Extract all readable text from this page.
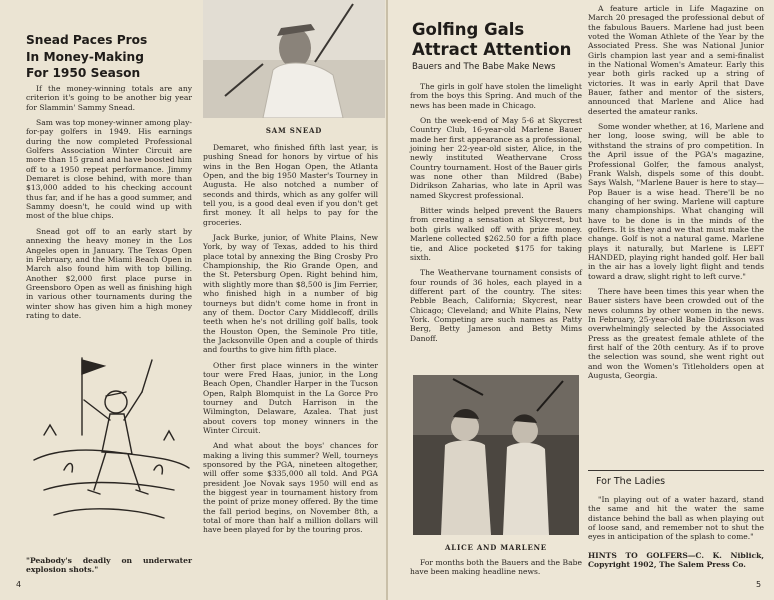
Snead Paces Pros
In Money-Making
For 1950 Season

If the money-winning totals are any criterion it's going to be another big year for Slammin' Sammy Snead.

Sam was top money-winner among play-for-pay golfers in 1949. His earnings during the now completed Professional Golfers Association Winter Circuit are more than 15 grand and have boosted him off to a 1950 repeat performance. Jimmy Demaret is close behind, with more than $13,000 added to his checking account thus far, and if he has a good summer, and Sammy doesn't, he could wind up with most of the blue chips.

Snead got off to an early start by annexing the heavy money in the Los Angeles open in January. The Texas Open in February, and the Miami Beach Open in March also found him with top billing. Another $2,000 first place purse in Greensboro Open as well as finishing high in various other tournaments during the winter show has given him a high money rating to date.

"Peabody's deadly on underwater explosion shots."
SAM SNEAD

Demaret, who finished fifth last year, is pushing Snead for honors by virtue of his wins in the Ben Hogan Open, the Atlanta Open, and the big 1950 Master's Tourney in Augusta. He also notched a number of seconds and thirds, which as any golfer will tell you, is a good deal even if you don't get first money. It all helps to pay for the groceries.

Jack Burke, junior, of White Plains, New York, by way of Texas, added to his third place total by annexing the Bing Crosby Pro Championship, the Rio Grande Open, and the St. Petersburg Open. Right behind him, with slightly more than $8,500 is Jim Ferrier, who finished high in a number of big tourneys but didn't come home in front in any of them. Doctor Cary Middlecoff, drills teeth when he's not drilling golf balls, took the Houston Open, the Seminole Pro title, the Jacksonville Open and a couple of thirds and fourths to give him fifth place.

Other first place winners in the winter tour were Fred Haas, junior, in the Long Beach Open, Chandler Harper in the Tucson Open, Ralph Blomquist in the La Gorce Pro tourney and Dutch Harrison in the Wilmington, Delaware, Azalea. That just about covers top money winners in the Winter Circuit.

And what about the boys' chances for making a living this summer? Well, tourneys sponsored by the PGA, nineteen altogether, will offer some $335,000 all told. And PGA president Joe Novak says 1950 will end as the biggest year in tournament history from the point of prize money offered. By the time the fall period begins, on November 8th, a total of more than half a million dollars will have been played for by the touring pros.

4
Golfing Gals
Attract Attention
Bauers and The Babe Make News

The girls in golf have stolen the limelight from the boys this Spring. And much of the news has been made in Chicago.

On the week-end of May 5-6 at Skycrest Country Club, 16-year-old Marlene Bauer made her first appearance as a professional, joining her 22-year-old sister, Alice, in the newly instituted Weathervane Cross Country tournament. Host of the Bauer girls was none other than Mildred (Babe) Didrikson Zaharias, who late in April was named Skycrest professional.

Bitter winds helped prevent the Bauers from creating a sensation at Skycrest, but both girls walked off with prize money. Marlene collected $262.50 for a fifth place tie, and Alice pocketed $175 for taking sixth.

The Weathervane tournament consists of four rounds of 36 holes, each played in a different part of the country. The sites: Pebble Beach, California; Skycrest, near Chicago; Cleveland; and White Plains, New York. Competing are such names as Patty Berg, Betty Jameson and Betty Mims Danoff.

ALICE AND MARLENE
For months both the Bauers and the Babe have been making headline news.

A feature article in Life Magazine on March 20 presaged the professional debut of the fabulous Bauers. Marlene had just been voted the Woman Athlete of the Year by the Associated Press. She was National Junior Girls champion last year and a semi-finalist in the National Women's Amateur. Early this year both girls racked up a string of victories. It was in early April that Dave Bauer, father and mentor of the sisters, announced that Marlene and Alice had deserted the amateur ranks.

Some wonder whether, at 16, Marlene and her long, loose swing, will be able to withstand the strains of pro competition. In the April issue of the PGA's magazine, Professional Golfer, the famous analyst, Frank Walsh, dispels some of this doubt. Says Walsh, "Marlene Bauer is here to stay—Pop Bauer is a wise head. There'll be no changing of her swing. Marlene will capture many championships. What changing will have to be done is in the minds of the golfers. It is they and we that must make the change. Golf is not a natural game. Marlene plays it naturally, but Marlene is LEFT HANDED, playing right handed golf. Her ball in the air has a lovely light flight and tends toward a draw, slight right to left curve."

There have been times this year when the Bauer sisters have been crowded out of the news columns by other women in the news. In February, 25-year-old Babe Didrikson was overwhelmingly selected by the Associated Press as the greatest female athlete of the first half of the 20th century. As if to prove the selection was sound, she went right out and won the Women's Titleholders open at Augusta, Georgia.

For The Ladies
"In playing out of a water hazard, stand the same and hit the water the same distance behind the ball as when playing out of loose sand, and remember not to shut the eyes in anticipation of the splash to come."
HINTS TO GOLFERS—C. K. Niblick, Copyright 1902, The Salem Press Co.
5
